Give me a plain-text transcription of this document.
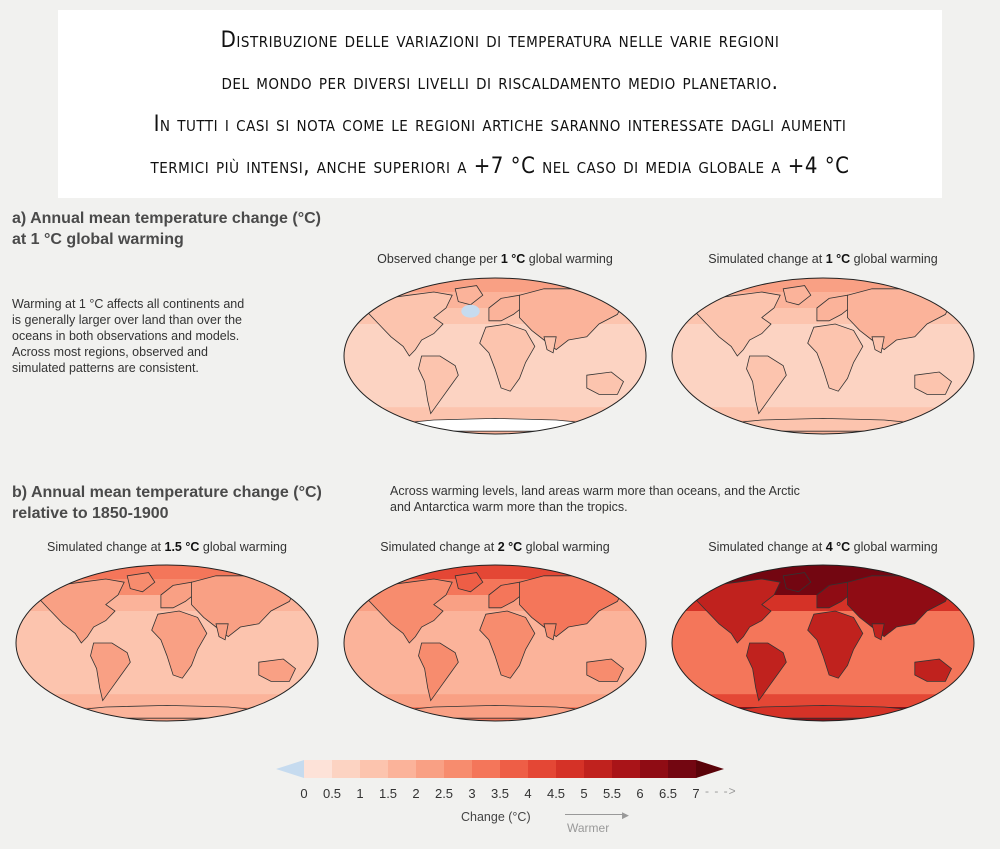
Distribuzione delle variazioni di temperatura nelle varie regioni
del mondo per diversi livelli di riscaldamento medio planetario.
In tutti i casi si nota come le regioni artiche saranno interessate dagli aumenti
termici più intensi, anche superiori a +7 °C nel caso di media globale a +4 °C
a) Annual mean temperature change (°C)
at 1 °C global warming
Warming at 1 °C affects all continents and
is generally larger over land than over the
oceans in both observations and models.
Across most regions, observed and
simulated patterns are consistent.
Observed change per 1 °C global warming	Simulated change at 1 °C global warming
b) Annual mean temperature change (°C)
relative to 1850-1900
Across warming levels, land areas warm more than oceans, and the Arctic
and Antarctica warm more than the tropics.
Simulated change at 1.5 °C global warming	Simulated change at 2 °C global warming	Simulated change at 4 °C global warming
0 0.5 1 1.5 2 2.5 3 3.5 4 4.5 5 5.5 6 6.5 7 - - ->
Change (°C)	▶
Warmer
